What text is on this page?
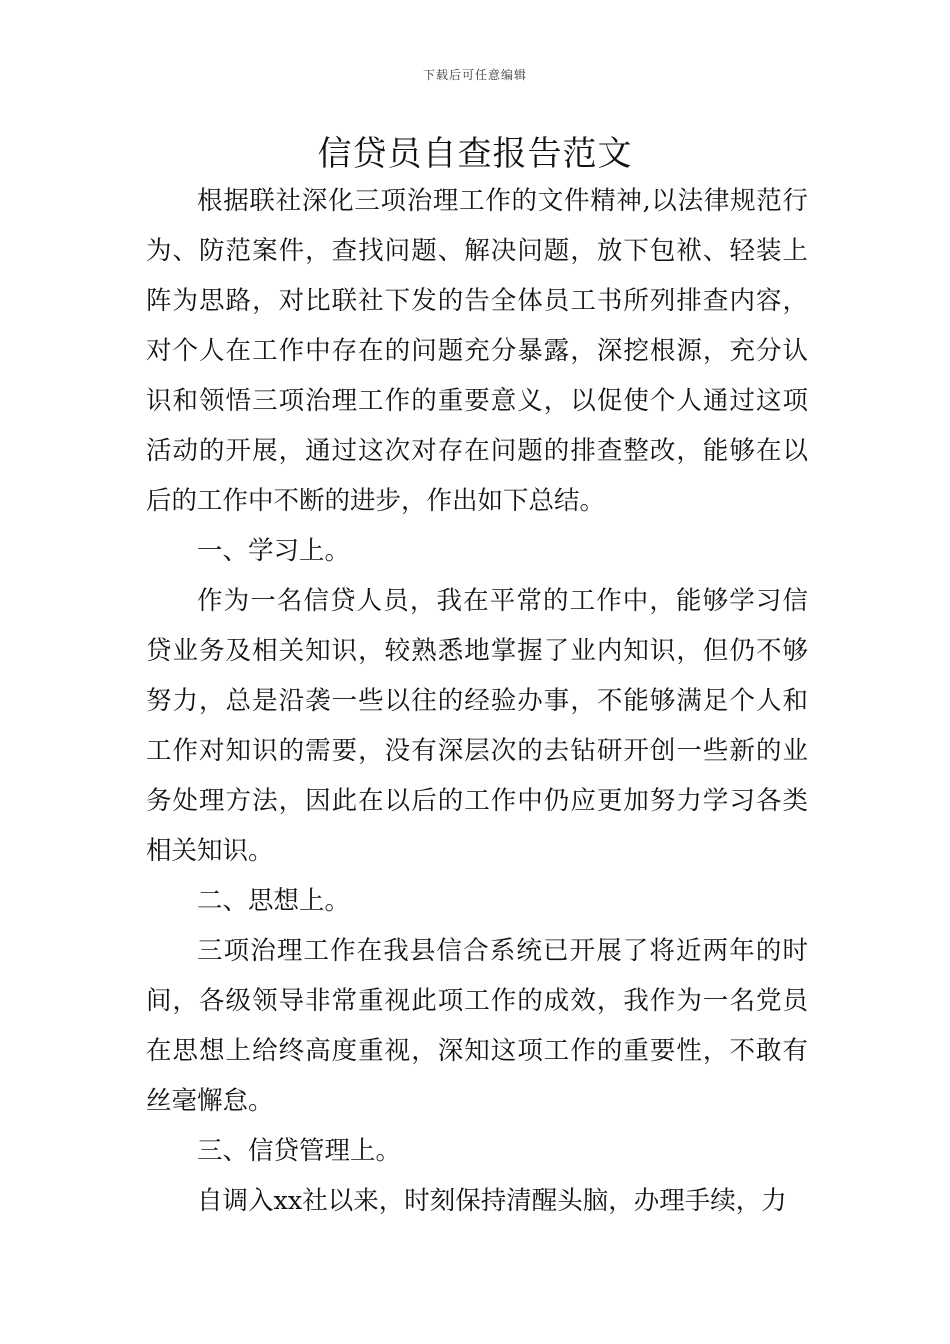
下载后可任意编辑
信贷员自查报告范文

根据联社深化三项治理工作的文件精神,以法律规范行为、防范案件，查找问题、解决问题，放下包袱、轻装上阵为思路，对比联社下发的告全体员工书所列排查内容，对个人在工作中存在的问题充分暴露，深挖根源，充分认识和领悟三项治理工作的重要意义，以促使个人通过这项活动的开展，通过这次对存在问题的排查整改，能够在以后的工作中不断的进步，作出如下总结。

一、学习上。

作为一名信贷人员，我在平常的工作中，能够学习信贷业务及相关知识，较熟悉地掌握了业内知识，但仍不够努力，总是沿袭一些以往的经验办事，不能够满足个人和工作对知识的需要，没有深层次的去钻研开创一些新的业务处理方法，因此在以后的工作中仍应更加努力学习各类相关知识。

二、思想上。

三项治理工作在我县信合系统已开展了将近两年的时间，各级领导非常重视此项工作的成效，我作为一名党员在思想上给终高度重视，深知这项工作的重要性，不敢有丝毫懈怠。

三、信贷管理上。

自调入xx社以来，时刻保持清醒头脑，办理手续，力
